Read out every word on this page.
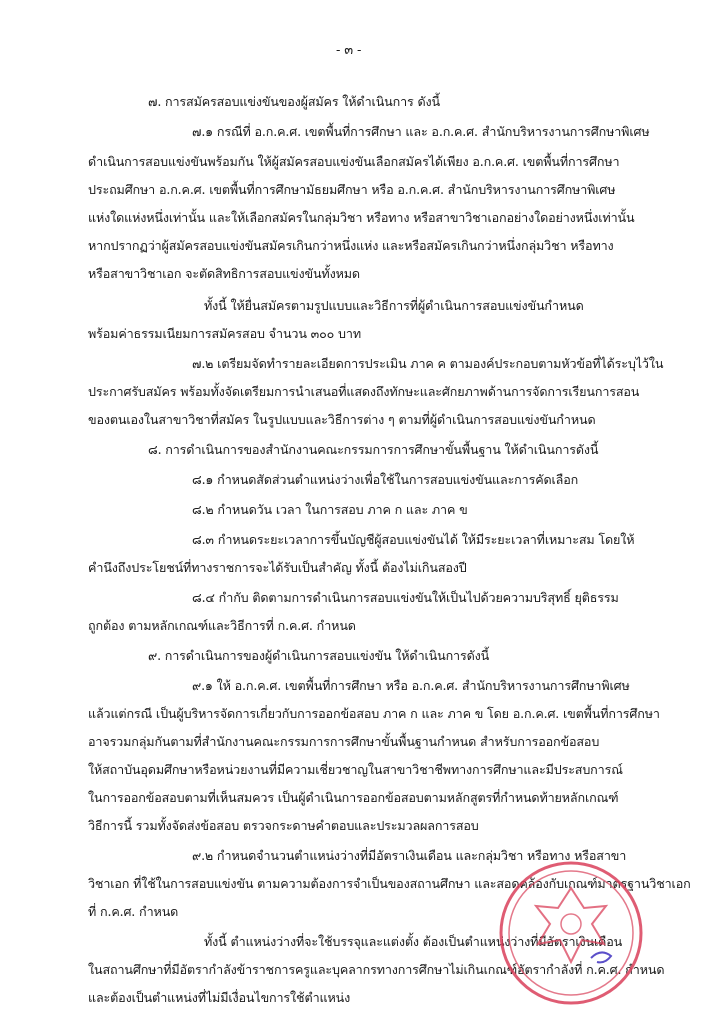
- ๓ -
๗. การสมัครสอบแข่งขันของผู้สมัคร ให้ดำเนินการ ดังนี้
๗.๑ กรณีที่ อ.ก.ค.ศ. เขตพื้นที่การศึกษา และ อ.ก.ค.ศ. สำนักบริหารงานการศึกษาพิเศษ
ดำเนินการสอบแข่งขันพร้อมกัน ให้ผู้สมัครสอบแข่งขันเลือกสมัครได้เพียง อ.ก.ค.ศ. เขตพื้นที่การศึกษา
ประถมศึกษา อ.ก.ค.ศ. เขตพื้นที่การศึกษามัธยมศึกษา หรือ อ.ก.ค.ศ. สำนักบริหารงานการศึกษาพิเศษ
แห่งใดแห่งหนึ่งเท่านั้น และให้เลือกสมัครในกลุ่มวิชา หรือทาง หรือสาขาวิชาเอกอย่างใดอย่างหนึ่งเท่านั้น
หากปรากฏว่าผู้สมัครสอบแข่งขันสมัครเกินกว่าหนึ่งแห่ง และหรือสมัครเกินกว่าหนึ่งกลุ่มวิชา หรือทาง
หรือสาขาวิชาเอก จะตัดสิทธิการสอบแข่งขันทั้งหมด
ทั้งนี้ ให้ยื่นสมัครตามรูปแบบและวิธีการที่ผู้ดำเนินการสอบแข่งขันกำหนด
พร้อมค่าธรรมเนียมการสมัครสอบ จำนวน ๓๐๐ บาท
๗.๒ เตรียมจัดทำรายละเอียดการประเมิน ภาค ค ตามองค์ประกอบตามหัวข้อที่ได้ระบุไว้ใน
ประกาศรับสมัคร พร้อมทั้งจัดเตรียมการนำเสนอที่แสดงถึงทักษะและศักยภาพด้านการจัดการเรียนการสอน
ของตนเองในสาขาวิชาที่สมัคร ในรูปแบบและวิธีการต่าง ๆ ตามที่ผู้ดำเนินการสอบแข่งขันกำหนด
๘. การดำเนินการของสำนักงานคณะกรรมการการศึกษาขั้นพื้นฐาน ให้ดำเนินการดังนี้
๘.๑ กำหนดสัดส่วนตำแหน่งว่างเพื่อใช้ในการสอบแข่งขันและการคัดเลือก
๘.๒ กำหนดวัน เวลา ในการสอบ ภาค ก และ ภาค ข
๘.๓ กำหนดระยะเวลาการขึ้นบัญชีผู้สอบแข่งขันได้ ให้มีระยะเวลาที่เหมาะสม โดยให้
คำนึงถึงประโยชน์ที่ทางราชการจะได้รับเป็นสำคัญ ทั้งนี้ ต้องไม่เกินสองปี
๘.๔ กำกับ ติดตามการดำเนินการสอบแข่งขันให้เป็นไปด้วยความบริสุทธิ์ ยุติธรรม
ถูกต้อง ตามหลักเกณฑ์และวิธีการที่ ก.ค.ศ. กำหนด
๙. การดำเนินการของผู้ดำเนินการสอบแข่งขัน ให้ดำเนินการดังนี้
๙.๑ ให้ อ.ก.ค.ศ. เขตพื้นที่การศึกษา หรือ อ.ก.ค.ศ. สำนักบริหารงานการศึกษาพิเศษ
แล้วแต่กรณี เป็นผู้บริหารจัดการเกี่ยวกับการออกข้อสอบ ภาค ก และ ภาค ข โดย อ.ก.ค.ศ. เขตพื้นที่การศึกษา
อาจรวมกลุ่มกันตามที่สำนักงานคณะกรรมการการศึกษาขั้นพื้นฐานกำหนด สำหรับการออกข้อสอบ
ให้สถาบันอุดมศึกษาหรือหน่วยงานที่มีความเชี่ยวชาญในสาขาวิชาชีพทางการศึกษาและมีประสบการณ์
ในการออกข้อสอบตามที่เห็นสมควร เป็นผู้ดำเนินการออกข้อสอบตามหลักสูตรที่กำหนดท้ายหลักเกณฑ์
วิธีการนี้ รวมทั้งจัดส่งข้อสอบ ตรวจกระดาษคำตอบและประมวลผลการสอบ
๙.๒ กำหนดจำนวนตำแหน่งว่างที่มีอัตราเงินเดือน และกลุ่มวิชา หรือทาง หรือสาขา
วิชาเอก ที่ใช้ในการสอบแข่งขัน ตามความต้องการจำเป็นของสถานศึกษา และสอดคล้องกับเกณฑ์มาตรฐานวิชาเอก
ที่ ก.ค.ศ. กำหนด
ทั้งนี้ ตำแหน่งว่างที่จะใช้บรรจุและแต่งตั้ง ต้องเป็นตำแหน่งว่างที่มีอัตราเงินเดือน
ในสถานศึกษาที่มีอัตรากำลังข้าราชการครูและบุคลากรทางการศึกษาไม่เกินเกณฑ์อัตรากำลังที่ ก.ค.ศ. กำหนด
และต้องเป็นตำแหน่งที่ไม่มีเงื่อนไขการใช้ตำแหน่ง
